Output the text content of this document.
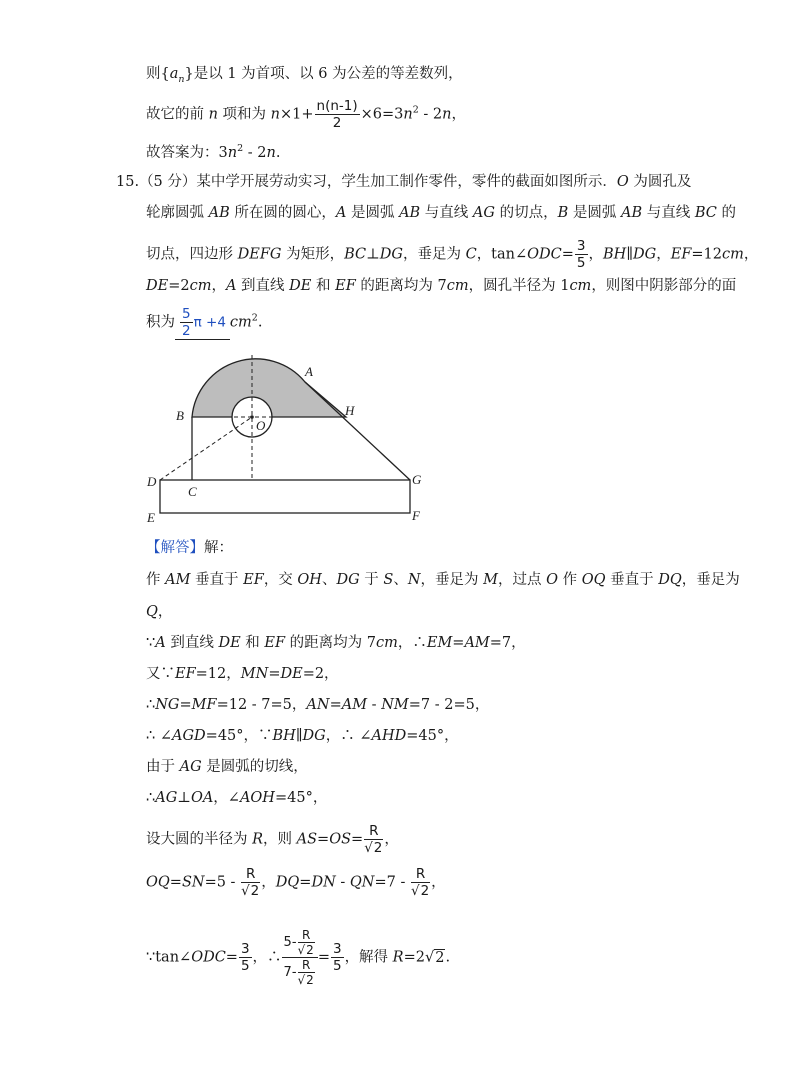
则$\{a_n\}$是以 1 为首项、以 6 为公差的等差数列，
故它的前 n 项和为 $n\times 1+ \frac{n(n-1)}{2} \times 6=3n^2 - 2n$，
故答案为：$3n^2 - 2n$.
15.（5 分）某中学开展劳动实习，学生加工制作零件，零件的截面如图所示．O 为圆孔及
轮廓圆弧 AB 所在圆的圆心，A 是圆弧 AB 与直线 AG 的切点，B 是圆弧 AB 与直线 BC 的
切点，四边形 DEFG 为矩形，BC⊥DG，垂足为 C，tan∠ODC= $\frac{3}{5}$ ，BH∥DG，EF=12cm，
DE=2cm，A 到直线 DE 和 EF 的距离均为 7cm，圆孔半径为 1cm，则图中阴影部分的面
积为 $\frac{5}{2}$ π +4 $cm^2$.
A
B	H
O
D
C
G
E	F
【解答】解：
作 AM 垂直于 EF，交 OH、DG 于 S、N，垂足为 M，过点 O 作 OQ 垂直于 DQ，垂足为
Q，
∵A 到直线 DE 和 EF 的距离均为 7cm，∴EM=AM=7，
又∵EF=12，MN=DE=2，
∴NG=MF=12 - 7=5，AN=AM - NM=7 - 2=5，
∴ ∠AGD=45°，∵BH∥DG，∴ ∠AHD=45°，
由于 AG 是圆弧的切线，
∴AG⊥OA，∠AOH=45°，
设大圆的半径为 R，则 $AS=OS= \frac{R}{√2}$ ，
$OQ=SN=5 - \frac{R}{√2}$ ，$DQ=DN - QN=7 - \frac{R}{√2}$ ，
∵tan∠ODC= $\frac{3}{5}$ ，∴ $\frac{5- \frac{R}{√2}}{7- \frac{R}{√2}} = \frac{3}{5}$ ，解得 R=2√2.
